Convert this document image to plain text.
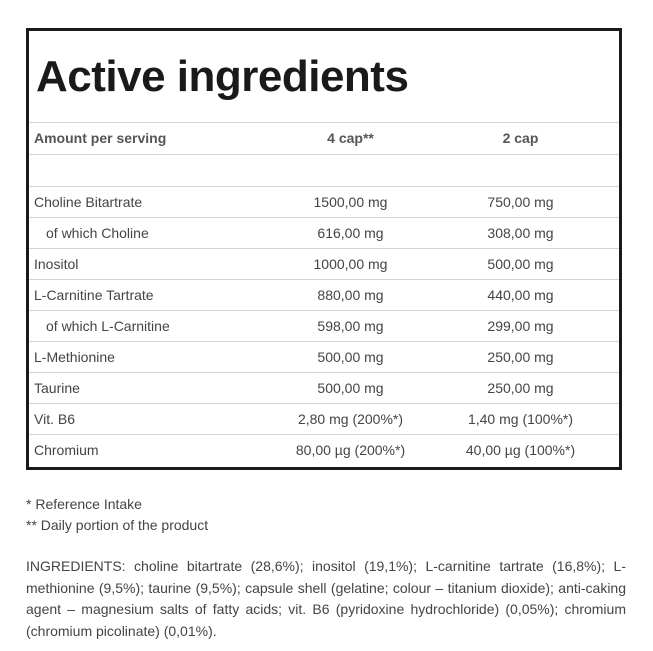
Active ingredients
Amount per serving	4 cap**	2 cap

Choline Bitartrate	1500,00 mg	750,00 mg
of which Choline	616,00 mg	308,00 mg
Inositol	1000,00 mg	500,00 mg
L-Carnitine Tartrate	880,00 mg	440,00 mg
of which L-Carnitine	598,00 mg	299,00 mg
L-Methionine	500,00 mg	250,00 mg
Taurine	500,00 mg	250,00 mg
Vit. B6	2,80 mg (200%*)	1,40 mg (100%*)
Chromium	80,00 µg (200%*)	40,00 µg (100%*)

* Reference Intake

** Daily portion of the product

INGREDIENTS: choline bitartrate (28,6%); inositol (19,1%); L-carnitine tartrate (16,8%); L-methionine (9,5%); taurine (9,5%); capsule shell (gelatine; colour – titanium dioxide); anti-caking agent – magnesium salts of fatty acids; vit. B6 (pyridoxine hydrochloride) (0,05%); chromium (chromium picolinate) (0,01%).
